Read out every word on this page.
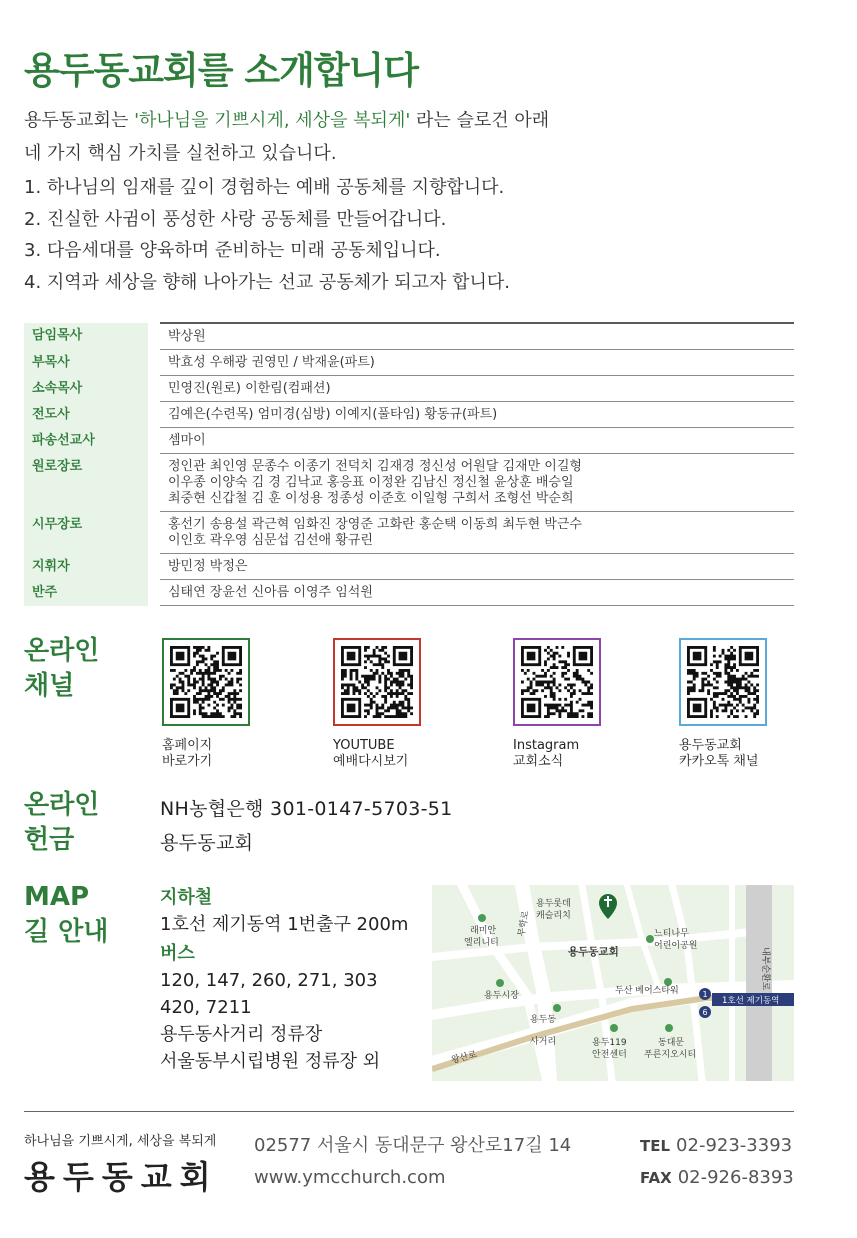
용두동교회를 소개합니다
용두동교회는 '하나님을 기쁘시게, 세상을 복되게' 라는 슬로건 아래
네 가지 핵심 가치를 실천하고 있습니다.
1. 하나님의 임재를 깊이 경험하는 예배 공동체를 지향합니다.
2. 진실한 사귐이 풍성한 사랑 공동체를 만들어갑니다.
3. 다음세대를 양육하며 준비하는 미래 공동체입니다.
4. 지역과 세상을 향해 나아가는 선교 공동체가 되고자 합니다.
담임목사		박상원

부목사		박효성 우해광 권영민 / 박재윤(파트)

소속목사		민영진(원로) 이한림(컴패션)

전도사		김예은(수련목) 엄미경(심방) 이예지(풀타임) 황동규(파트)

파송선교사		셈마이

원로장로		정인관 최인영 문종수 이종기 전덕치 김재경 정신성 어원달 김재만 이길형
이우종 이양숙 김 경 김낙교 홍응표 이정완 김남신 정신철 윤상훈 배승일
최중현 신갑철 김 훈 이성용 정종성 이준호 이일형 구희서 조형선 박순희

시무장로		홍선기 송용설 곽근혁 임화진 장영준 고화란 홍순택 이동희 최두현 박근수
이인호 곽우영 심문섭 김선애 황규린

지휘자		방민정 박정은

반주		심태연 장윤선 신아름 이영주 임석원
온라인
채널
홈페이지
바로가기
YOUTUBE
예배다시보기
Instagram
교회소식
용두동교회
카카오톡 채널
온라인
헌금
NH농협은행 301-0147-5703-51
용두동교회
MAP
길 안내
지하철
1호선 제기동역 1번출구 200m
버스
120, 147, 260, 271, 303
420, 7211
용두동사거리 정류장
서울동부시립병원 정류장 외
1호선 제기동역
1
6
래미안
엘리니티
용두롯데
캐슬리치
용두동교회
느티나무
어린이공원
용두시장	두산 베어스타워
용두동
사거리	용두119
안전센터
동대문
푸른지오시티
왕산로
무학로
내부순환로
하나님을 기쁘시게, 세상을 복되게
용두동교회
02577 서울시 동대문구 왕산로17길 14
www.ymcchurch.com
TEL 02-923-3393
FAX 02-926-8393
